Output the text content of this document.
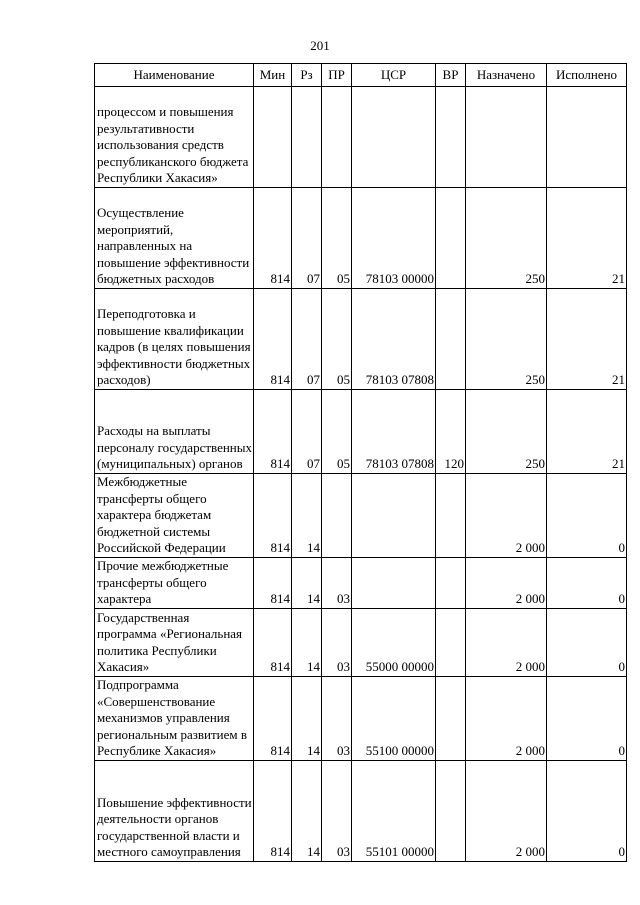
201
Наименование	Мин	Рз	ПР	ЦСР	ВР	Назначено	Исполнено
процессом и повышения результативности использования средств республиканского бюджета Республики Хакасия»							
Осуществление мероприятий, направленных на повышение эффективности бюджетных расходов	814	07	05	78103 00000		250	21
Переподготовка и повышение квалификации кадров (в целях повышения эффективности бюджетных расходов)	814	07	05	78103 07808		250	21
Расходы на выплаты персоналу государственных (муниципальных) органов	814	07	05	78103 07808	120	250	21
Межбюджетные трансферты общего характера бюджетам бюджетной системы Российской Федерации	814	14				2 000	0
Прочие межбюджетные трансферты общего характера	814	14	03			2 000	0
Государственная программа «Региональная политика Республики Хакасия»	814	14	03	55000 00000		2 000	0
Подпрограмма «Совершенствование механизмов управления региональным развитием в Республике Хакасия»	814	14	03	55100 00000		2 000	0
Повышение эффективности деятельности органов государственной власти и местного самоуправления	814	14	03	55101 00000		2 000	0
